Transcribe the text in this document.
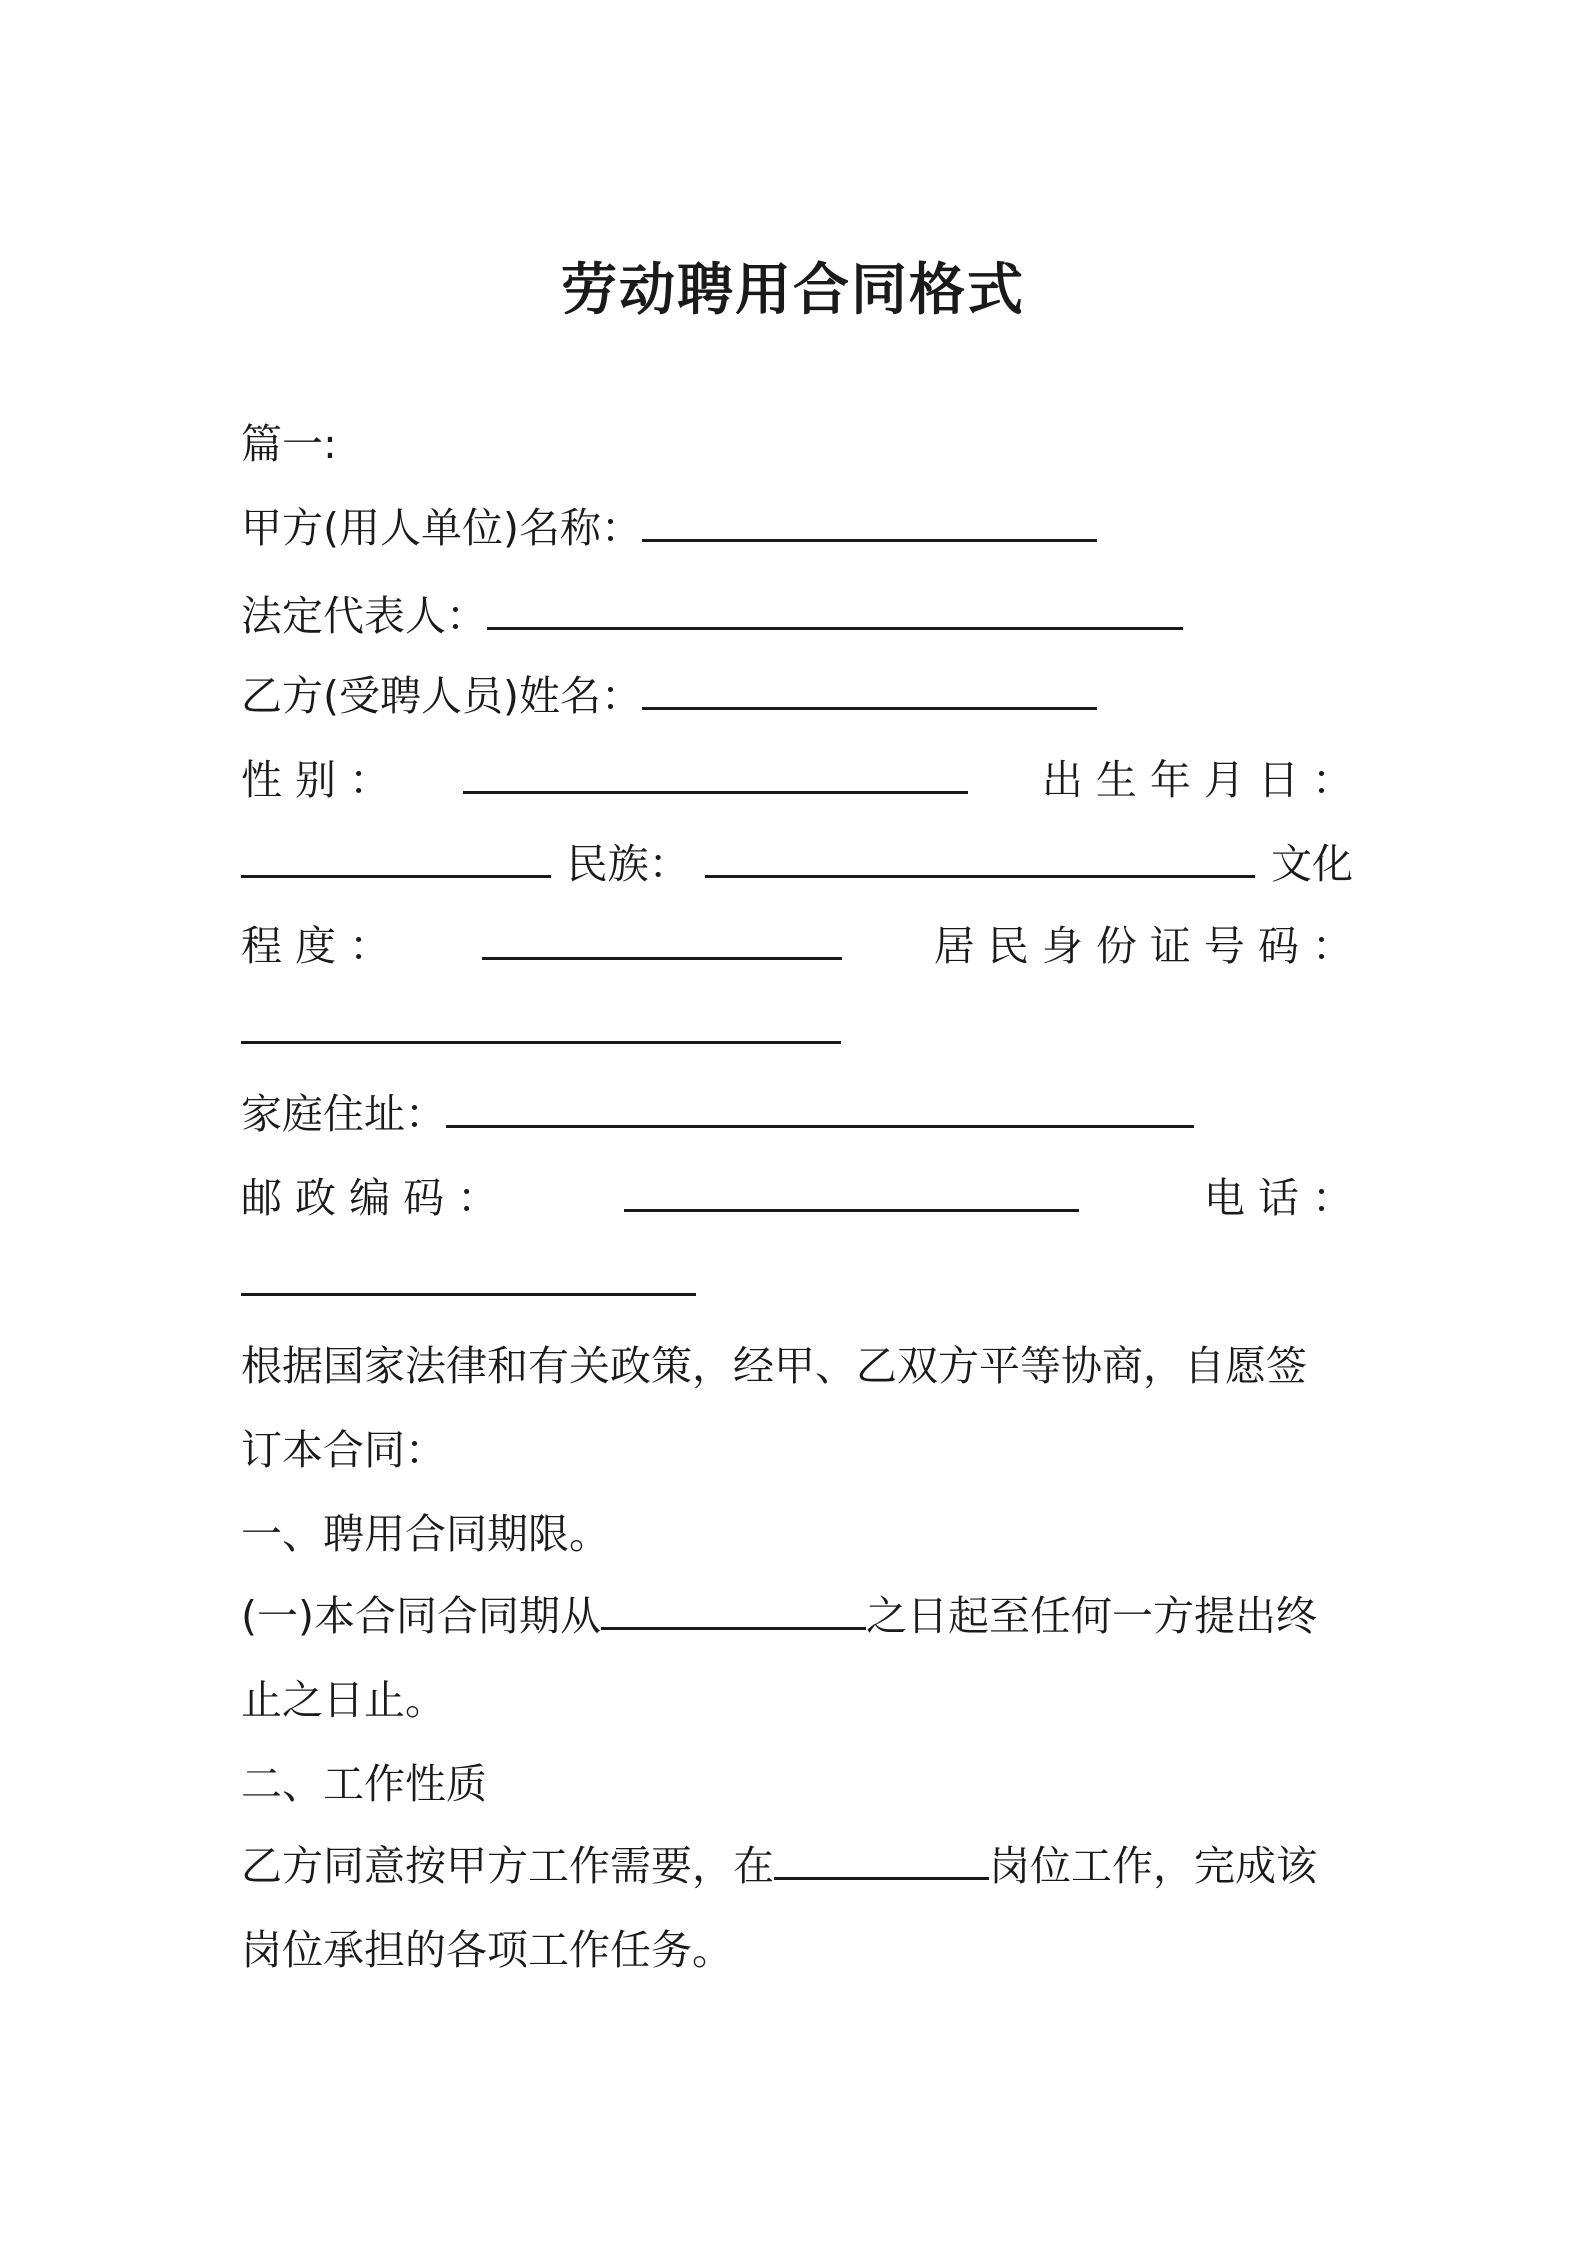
劳动聘用合同格式
篇一:
甲方(用人单位)名称：
法定代表人：
乙方(受聘人员)姓名：
性 别 ：	出 生 年 月 日 ：
民族：	文化
程 度 ：	居 民 身 份 证 号 码 ：
家庭住址：
邮 政 编 码 ：	电 话 ：
根据国家法律和有关政策，经甲、乙双方平等协商，自愿签
订本合同：
一、聘用合同期限。
(一)本合同合同期从	之日起至任何一方提出终
止之日止。
二、工作性质
乙方同意按甲方工作需要，在	岗位工作，完成该
岗位承担的各项工作任务。
